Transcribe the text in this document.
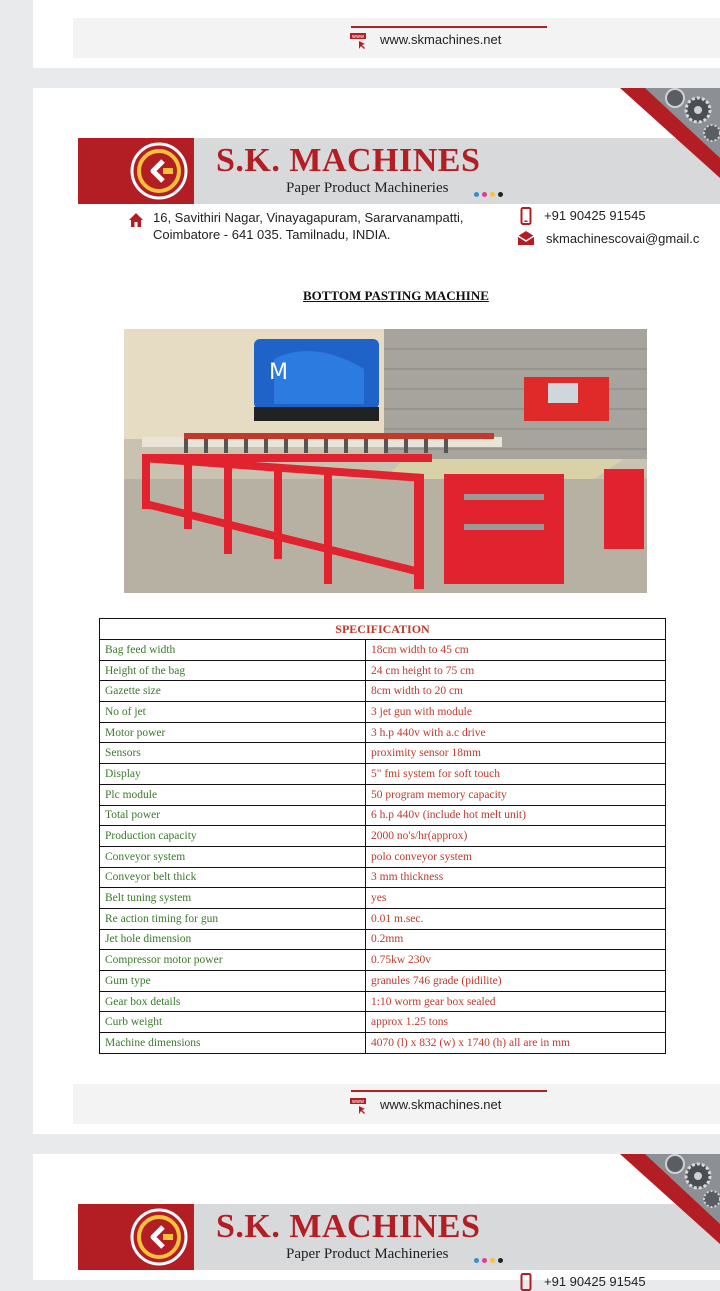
www www.skmachines.net
S.K. MACHINES
Paper Product Machineries
16, Savithiri Nagar, Vinayagapuram, Sararvanampatti,
Coimbatore - 641 035. Tamilnadu, INDIA.
+91 90425 91545
skmachinescovai@gmail.c
BOTTOM PASTING MACHINE
M
SPECIFICATION	
Bag feed width	18cm width to 45 cm
Height of the bag	24 cm height to 75 cm
Gazette size	8cm width to 20 cm
No of jet	3 jet gun with module
Motor power	3 h.p 440v with a.c drive
Sensors	proximity sensor 18mm
Display	5" fmi system for soft touch
Plc module	50 program memory capacity
Total power	6 h.p 440v (include hot melt unit)
Production capacity	2000 no's/hr(approx)
Conveyor system	polo conveyor system
Conveyor belt thick	3 mm thickness
Belt tuning system	yes
Re action timing for gun	0.01 m.sec.
Jet hole dimension	0.2mm
Compressor motor power	0.75kw 230v
Gum type	granules 746 grade (pidilite)
Gear box details	1:10 worm gear box sealed
Curb weight	approx 1.25 tons
Machine dimensions	4070 (l) x 832 (w) x 1740 (h) all are in mm
www www.skmachines.net
S.K. MACHINES
Paper Product Machineries
+91 90425 91545
